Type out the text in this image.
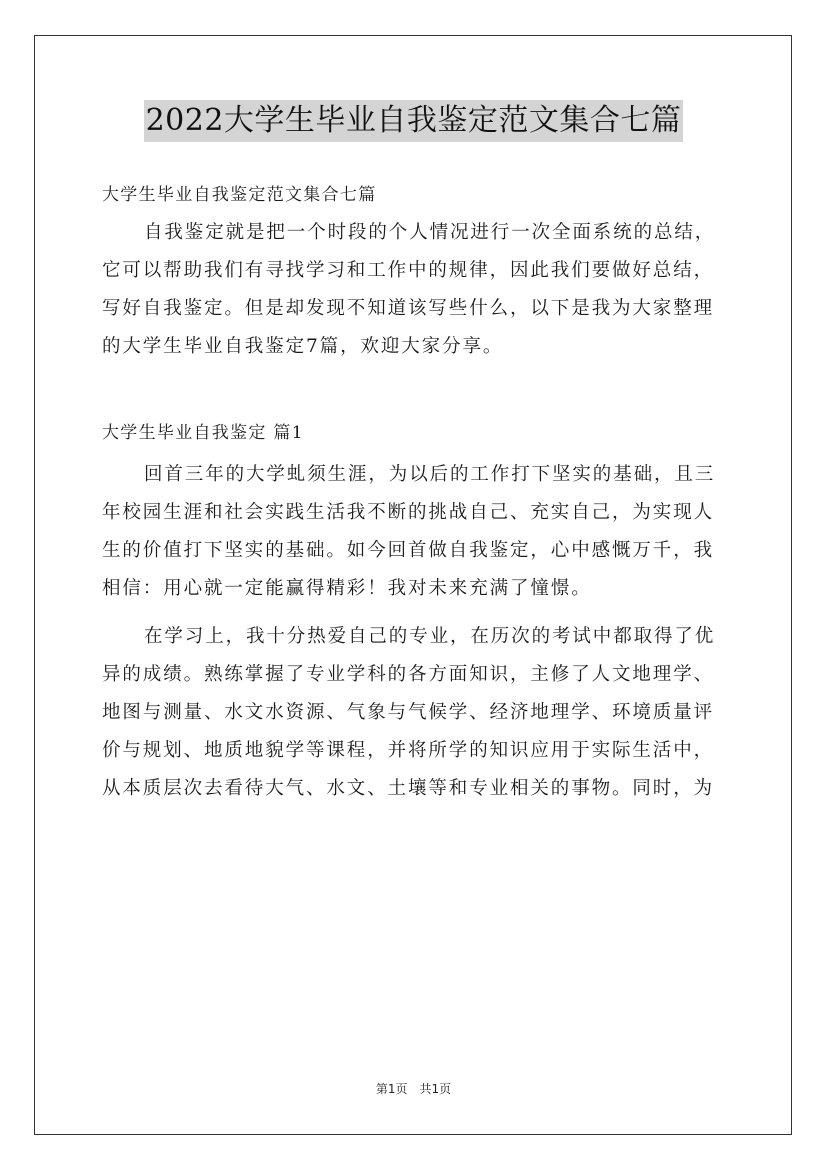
2022大学生毕业自我鉴定范文集合七篇
大学生毕业自我鉴定范文集合七篇
自我鉴定就是把一个时段的个人情况进行一次全面系统的总结，
它可以帮助我们有寻找学习和工作中的规律，因此我们要做好总结，
写好自我鉴定。但是却发现不知道该写些什么，以下是我为大家整理
的大学生毕业自我鉴定7篇，欢迎大家分享。
大学生毕业自我鉴定 篇1
回首三年的大学虬须生涯，为以后的工作打下坚实的基础，且三
年校园生涯和社会实践生活我不断的挑战自己、充实自己，为实现人
生的价值打下坚实的基础。如今回首做自我鉴定，心中感慨万千，我
相信：用心就一定能赢得精彩！我对未来充满了憧憬。
在学习上，我十分热爱自己的专业，在历次的考试中都取得了优
异的成绩。熟练掌握了专业学科的各方面知识，主修了人文地理学、
地图与测量、水文水资源、气象与气候学、经济地理学、环境质量评
价与规划、地质地貌学等课程，并将所学的知识应用于实际生活中，
从本质层次去看待大气、水文、土壤等和专业相关的事物。同时，为
第1页 共1页
